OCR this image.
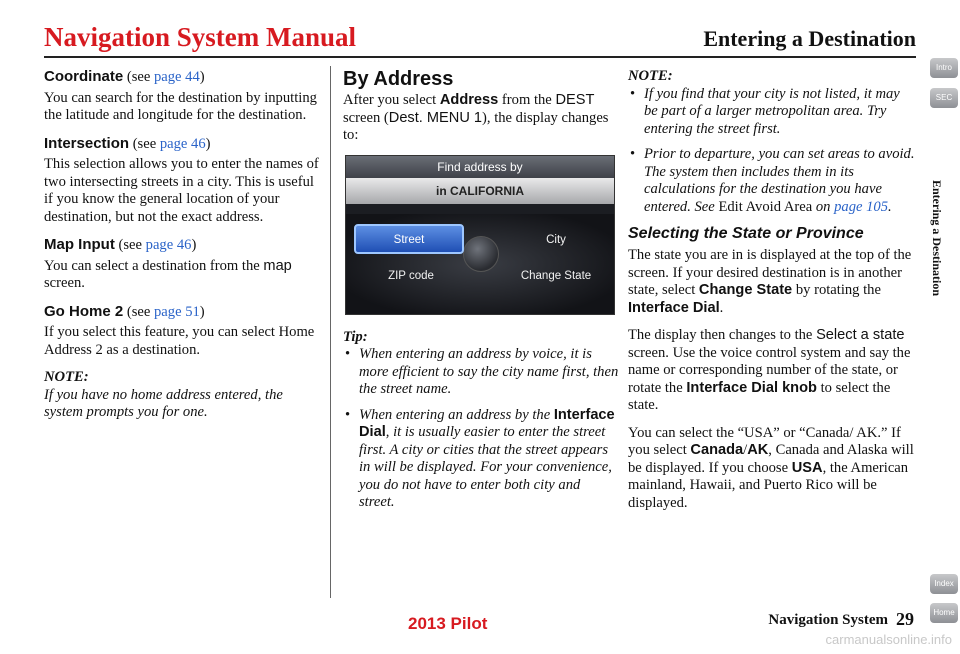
Navigation System Manual	Entering a Destination
Coordinate (see page 44)
You can search for the destination by inputting the latitude and longitude for the destination.
Intersection (see page 46)
This selection allows you to enter the names of two intersecting streets in a city. This is useful if you know the general location of your destination, but not the exact address.
Map Input (see page 46)
You can select a destination from the map screen.
Go Home 2 (see page 51)
If you select this feature, you can select Home Address 2 as a destination.
NOTE:
If you have no home address entered, the system prompts you for one.
By Address
After you select Address from the DEST screen (Dest. MENU 1), the display changes to:
Find address by
in CALIFORNIA
Street	City
ZIP code	Change State
Tip:
• When entering an address by voice, it is more efficient to say the city name first, then the street name.
• When entering an address by the Interface Dial, it is usually easier to enter the street first. A city or cities that the street appears in will be displayed. For your convenience, you do not have to enter both city and street.
NOTE:
• If you find that your city is not listed, it may be part of a larger metropolitan area. Try entering the street first.
• Prior to departure, you can set areas to avoid. The system then includes them in its calculations for the destination you have entered. See Edit Avoid Area on page 105.
Selecting the State or Province
The state you are in is displayed at the top of the screen. If your desired destination is in another state, select Change State by rotating the Interface Dial.
The display then changes to the Select a state screen. Use the voice control system and say the name or corresponding number of the state, or rotate the Interface Dial knob to select the state.
You can select the “USA” or “Canada/ AK.” If you select Canada/AK, Canada and Alaska will be displayed. If you choose USA, the American mainland, Hawaii, and Puerto Rico will be displayed.
Intro
SEC
Entering a Destination
Index
Home
2013 Pilot	Navigation System 29
carmanualsonline.info
